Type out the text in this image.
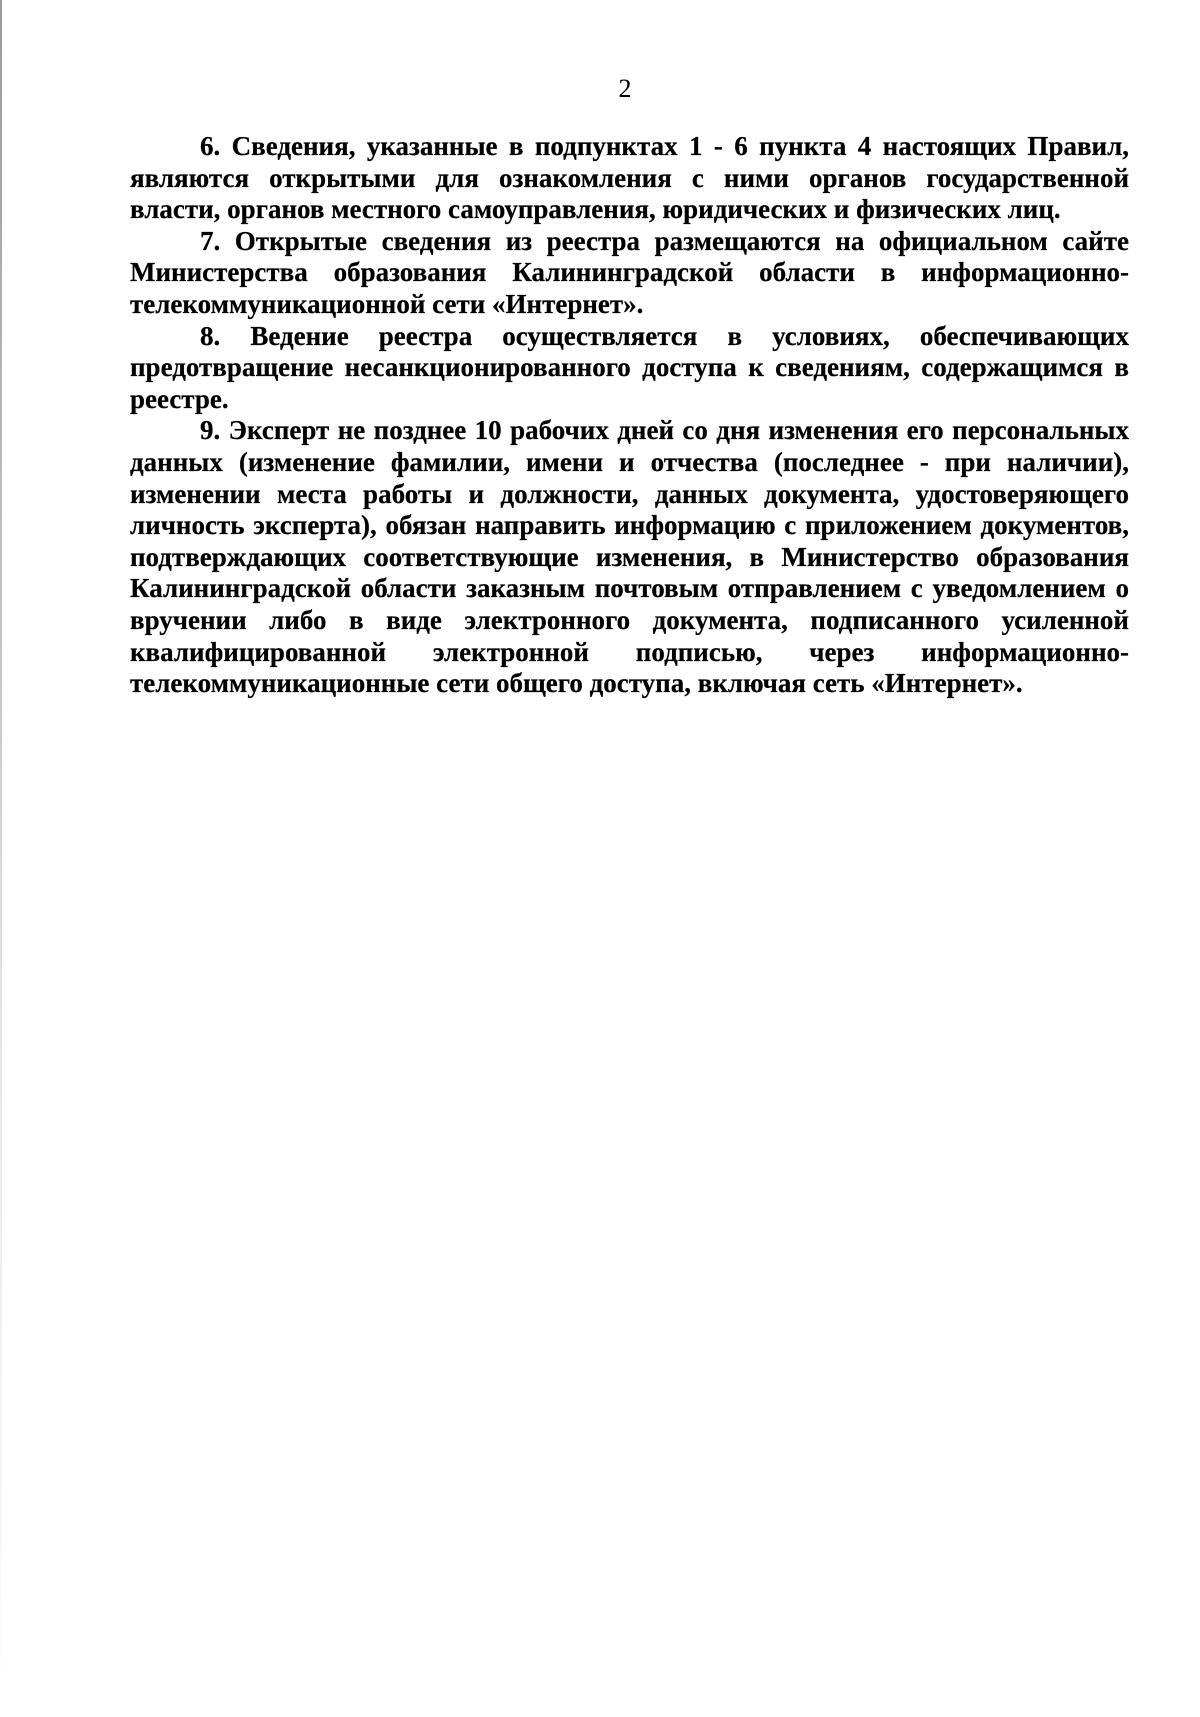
2

6. Сведения, указанные в подпунктах 1 - 6 пункта 4 настоящих Правил, являются открытыми для ознакомления с ними органов государственной власти, органов местного самоуправления, юридических и физических лиц.

7. Открытые сведения из реестра размещаются на официальном сайте Министерства образования Калининградской области в информационно-телекоммуникационной сети «Интернет».

8. Ведение реестра осуществляется в условиях, обеспечивающих предотвращение несанкционированного доступа к сведениям, содержащимся в реестре.

9. Эксперт не позднее 10 рабочих дней со дня изменения его персональных данных (изменение фамилии, имени и отчества (последнее - при наличии), изменении места работы и должности, данных документа, удостоверяющего личность эксперта), обязан направить информацию с приложением документов, подтверждающих соответствующие изменения, в Министерство образования Калининградской области заказным почтовым отправлением с уведомлением о вручении либо в виде электронного документа, подписанного усиленной квалифицированной электронной подписью, через информационно-телекоммуникационные сети общего доступа, включая сеть «Интернет».
